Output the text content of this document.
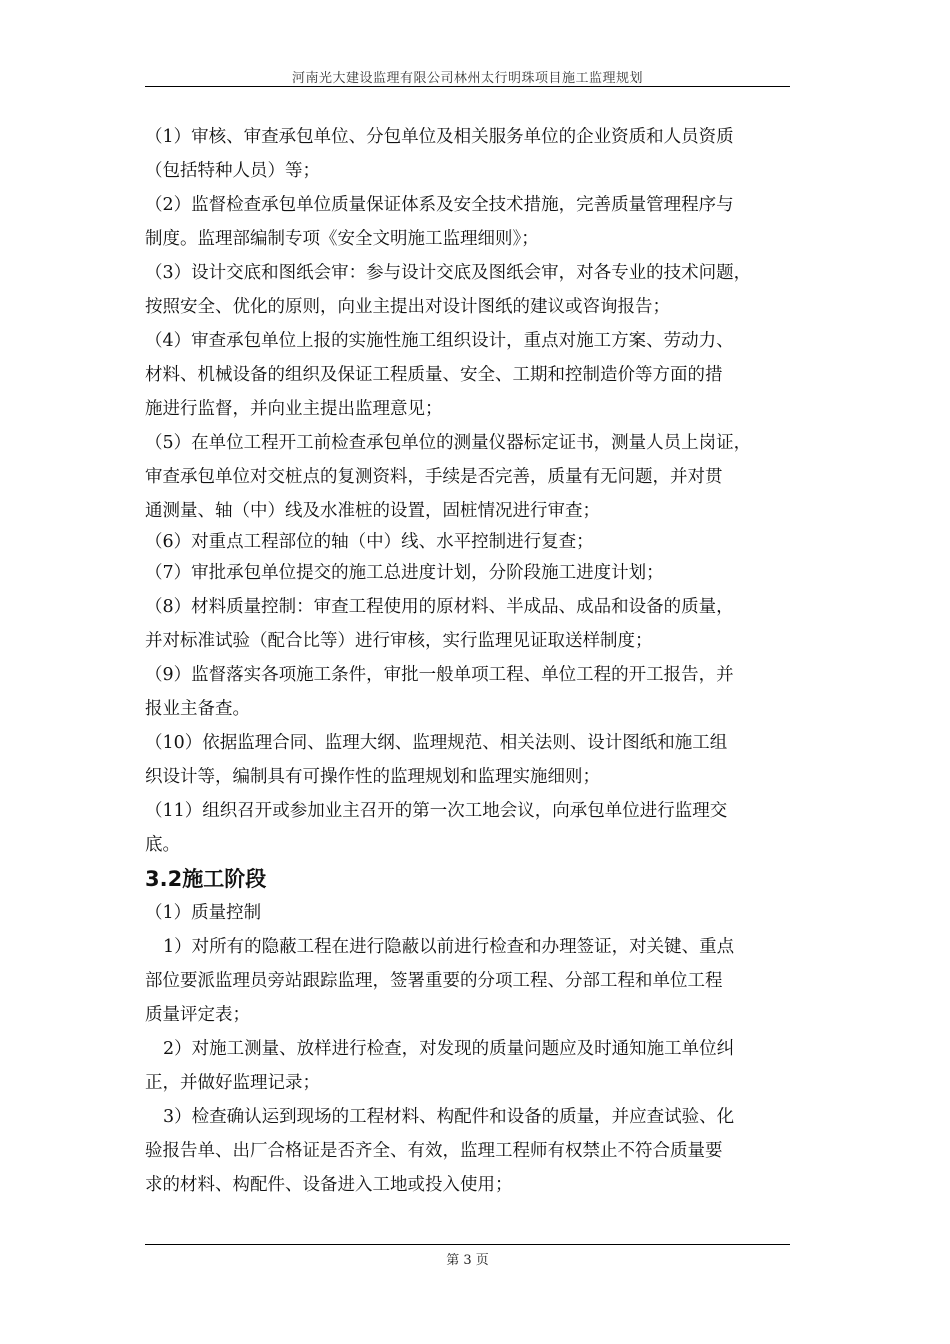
河南光大建设监理有限公司林州太行明珠项目施工监理规划
（1）审核、审查承包单位、分包单位及相关服务单位的企业资质和人员资质
（包括特种人员）等；
（2）监督检查承包单位质量保证体系及安全技术措施，完善质量管理程序与
制度。监理部编制专项《安全文明施工监理细则》；
（3）设计交底和图纸会审：参与设计交底及图纸会审，对各专业的技术问题，
按照安全、优化的原则，向业主提出对设计图纸的建议或咨询报告；
（4）审查承包单位上报的实施性施工组织设计，重点对施工方案、劳动力、
材料、机械设备的组织及保证工程质量、安全、工期和控制造价等方面的措
施进行监督，并向业主提出监理意见；
（5）在单位工程开工前检查承包单位的测量仪器标定证书，测量人员上岗证，
审查承包单位对交桩点的复测资料，手续是否完善，质量有无问题，并对贯
通测量、轴（中）线及水准桩的设置，固桩情况进行审查；
（6）对重点工程部位的轴（中）线、水平控制进行复查；
（7）审批承包单位提交的施工总进度计划，分阶段施工进度计划；
（8）材料质量控制：审查工程使用的原材料、半成品、成品和设备的质量，
并对标准试验（配合比等）进行审核，实行监理见证取送样制度；
（9）监督落实各项施工条件，审批一般单项工程、单位工程的开工报告，并
报业主备查。
（10）依据监理合同、监理大纲、监理规范、相关法则、设计图纸和施工组
织设计等，编制具有可操作性的监理规划和监理实施细则；
（11）组织召开或参加业主召开的第一次工地会议，向承包单位进行监理交
底。
3.2施工阶段
（1）质量控制
1）对所有的隐蔽工程在进行隐蔽以前进行检查和办理签证，对关键、重点
部位要派监理员旁站跟踪监理，签署重要的分项工程、分部工程和单位工程
质量评定表；
2）对施工测量、放样进行检查，对发现的质量问题应及时通知施工单位纠
正，并做好监理记录；
3）检查确认运到现场的工程材料、构配件和设备的质量，并应查试验、化
验报告单、出厂合格证是否齐全、有效，监理工程师有权禁止不符合质量要
求的材料、构配件、设备进入工地或投入使用；
第 3 页
